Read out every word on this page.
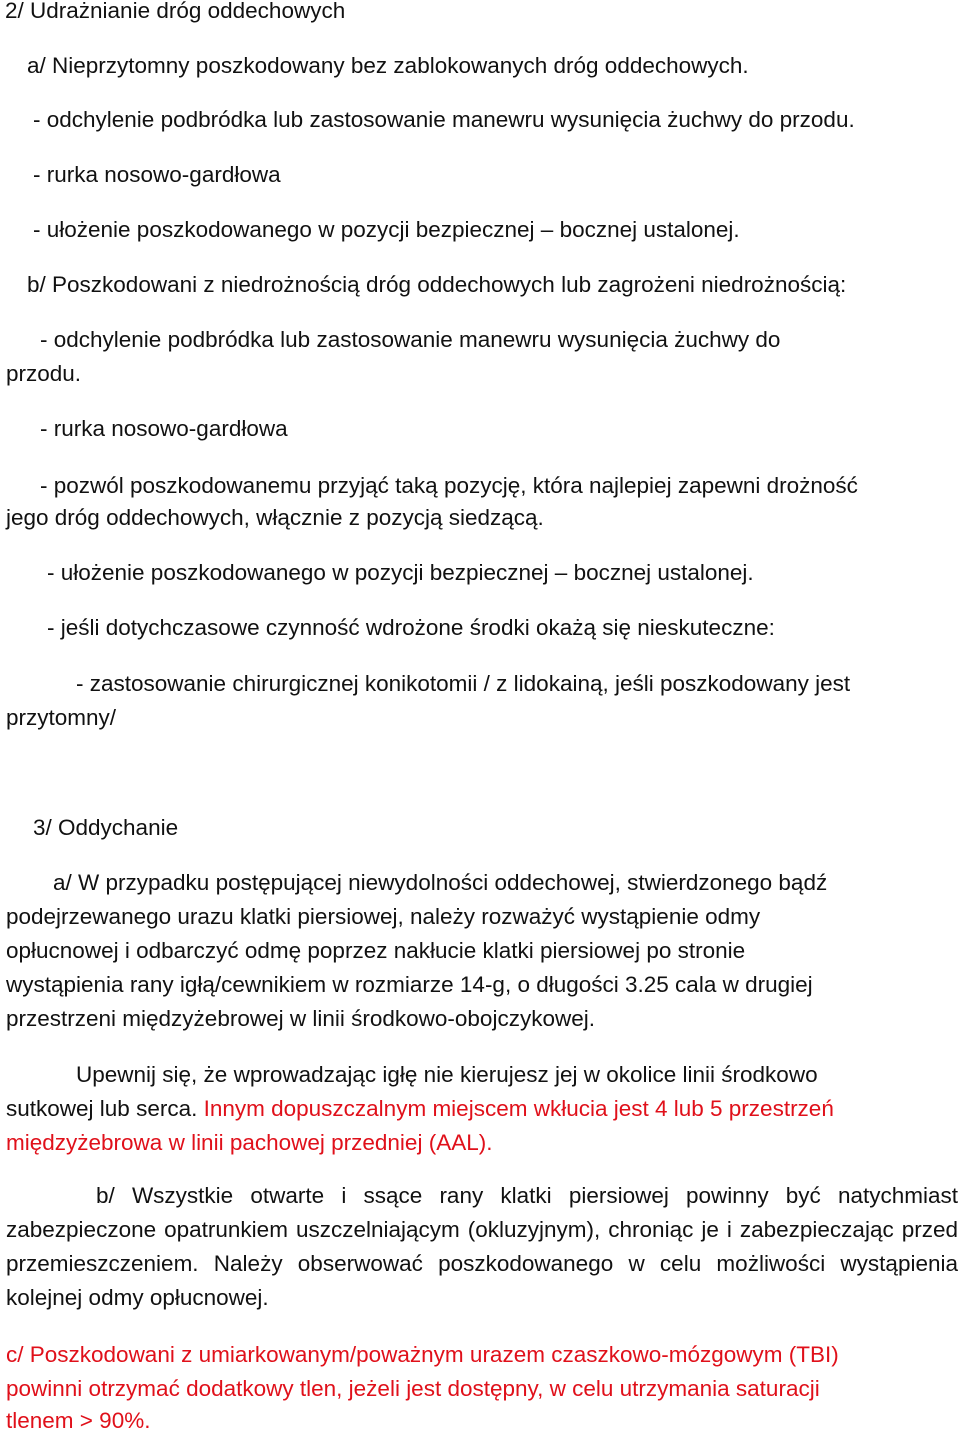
2/ Udrażnianie dróg oddechowych
a/ Nieprzytomny poszkodowany bez zablokowanych dróg oddechowych.
- odchylenie podbródka lub zastosowanie manewru wysunięcia żuchwy do przodu.
- rurka nosowo-gardłowa
- ułożenie poszkodowanego w pozycji bezpiecznej – bocznej ustalonej.
b/ Poszkodowani z niedrożnością dróg oddechowych lub zagrożeni niedrożnością:
- odchylenie podbródka lub zastosowanie manewru wysunięcia żuchwy do
przodu.
- rurka nosowo-gardłowa
- pozwól poszkodowanemu przyjąć taką pozycję, która najlepiej zapewni drożność
jego dróg oddechowych, włącznie z pozycją siedzącą.
- ułożenie poszkodowanego w pozycji bezpiecznej – bocznej ustalonej.
- jeśli dotychczasowe czynność wdrożone środki okażą się nieskuteczne:
- zastosowanie chirurgicznej konikotomii / z lidokainą, jeśli poszkodowany jest
przytomny/
3/ Oddychanie
a/ W przypadku postępującej niewydolności oddechowej, stwierdzonego bądź
podejrzewanego urazu klatki piersiowej, należy rozważyć wystąpienie odmy
opłucnowej i odbarczyć odmę poprzez nakłucie klatki piersiowej po stronie
wystąpienia rany igłą/cewnikiem w rozmiarze 14-g, o długości 3.25 cala w drugiej
przestrzeni międzyżebrowej w linii środkowo-obojczykowej.
Upewnij się, że wprowadzając igłę nie kierujesz jej w okolice linii środkowo
sutkowej lub serca. Innym dopuszczalnym miejscem wkłucia jest 4 lub 5 przestrzeń
międzyżebrowa w linii pachowej przedniej (AAL).
b/ Wszystkie otwarte i ssące rany klatki piersiowej powinny być natychmiast zabezpieczone opatrunkiem uszczelniającym (okluzyjnym), chroniąc je i zabezpieczając przed przemieszczeniem. Należy obserwować poszkodowanego w celu możliwości wystąpienia kolejnej odmy opłucnowej.
c/ Poszkodowani z umiarkowanym/poważnym urazem czaszkowo-mózgowym (TBI)
powinni otrzymać dodatkowy tlen, jeżeli jest dostępny, w celu utrzymania saturacji
tlenem > 90%.
